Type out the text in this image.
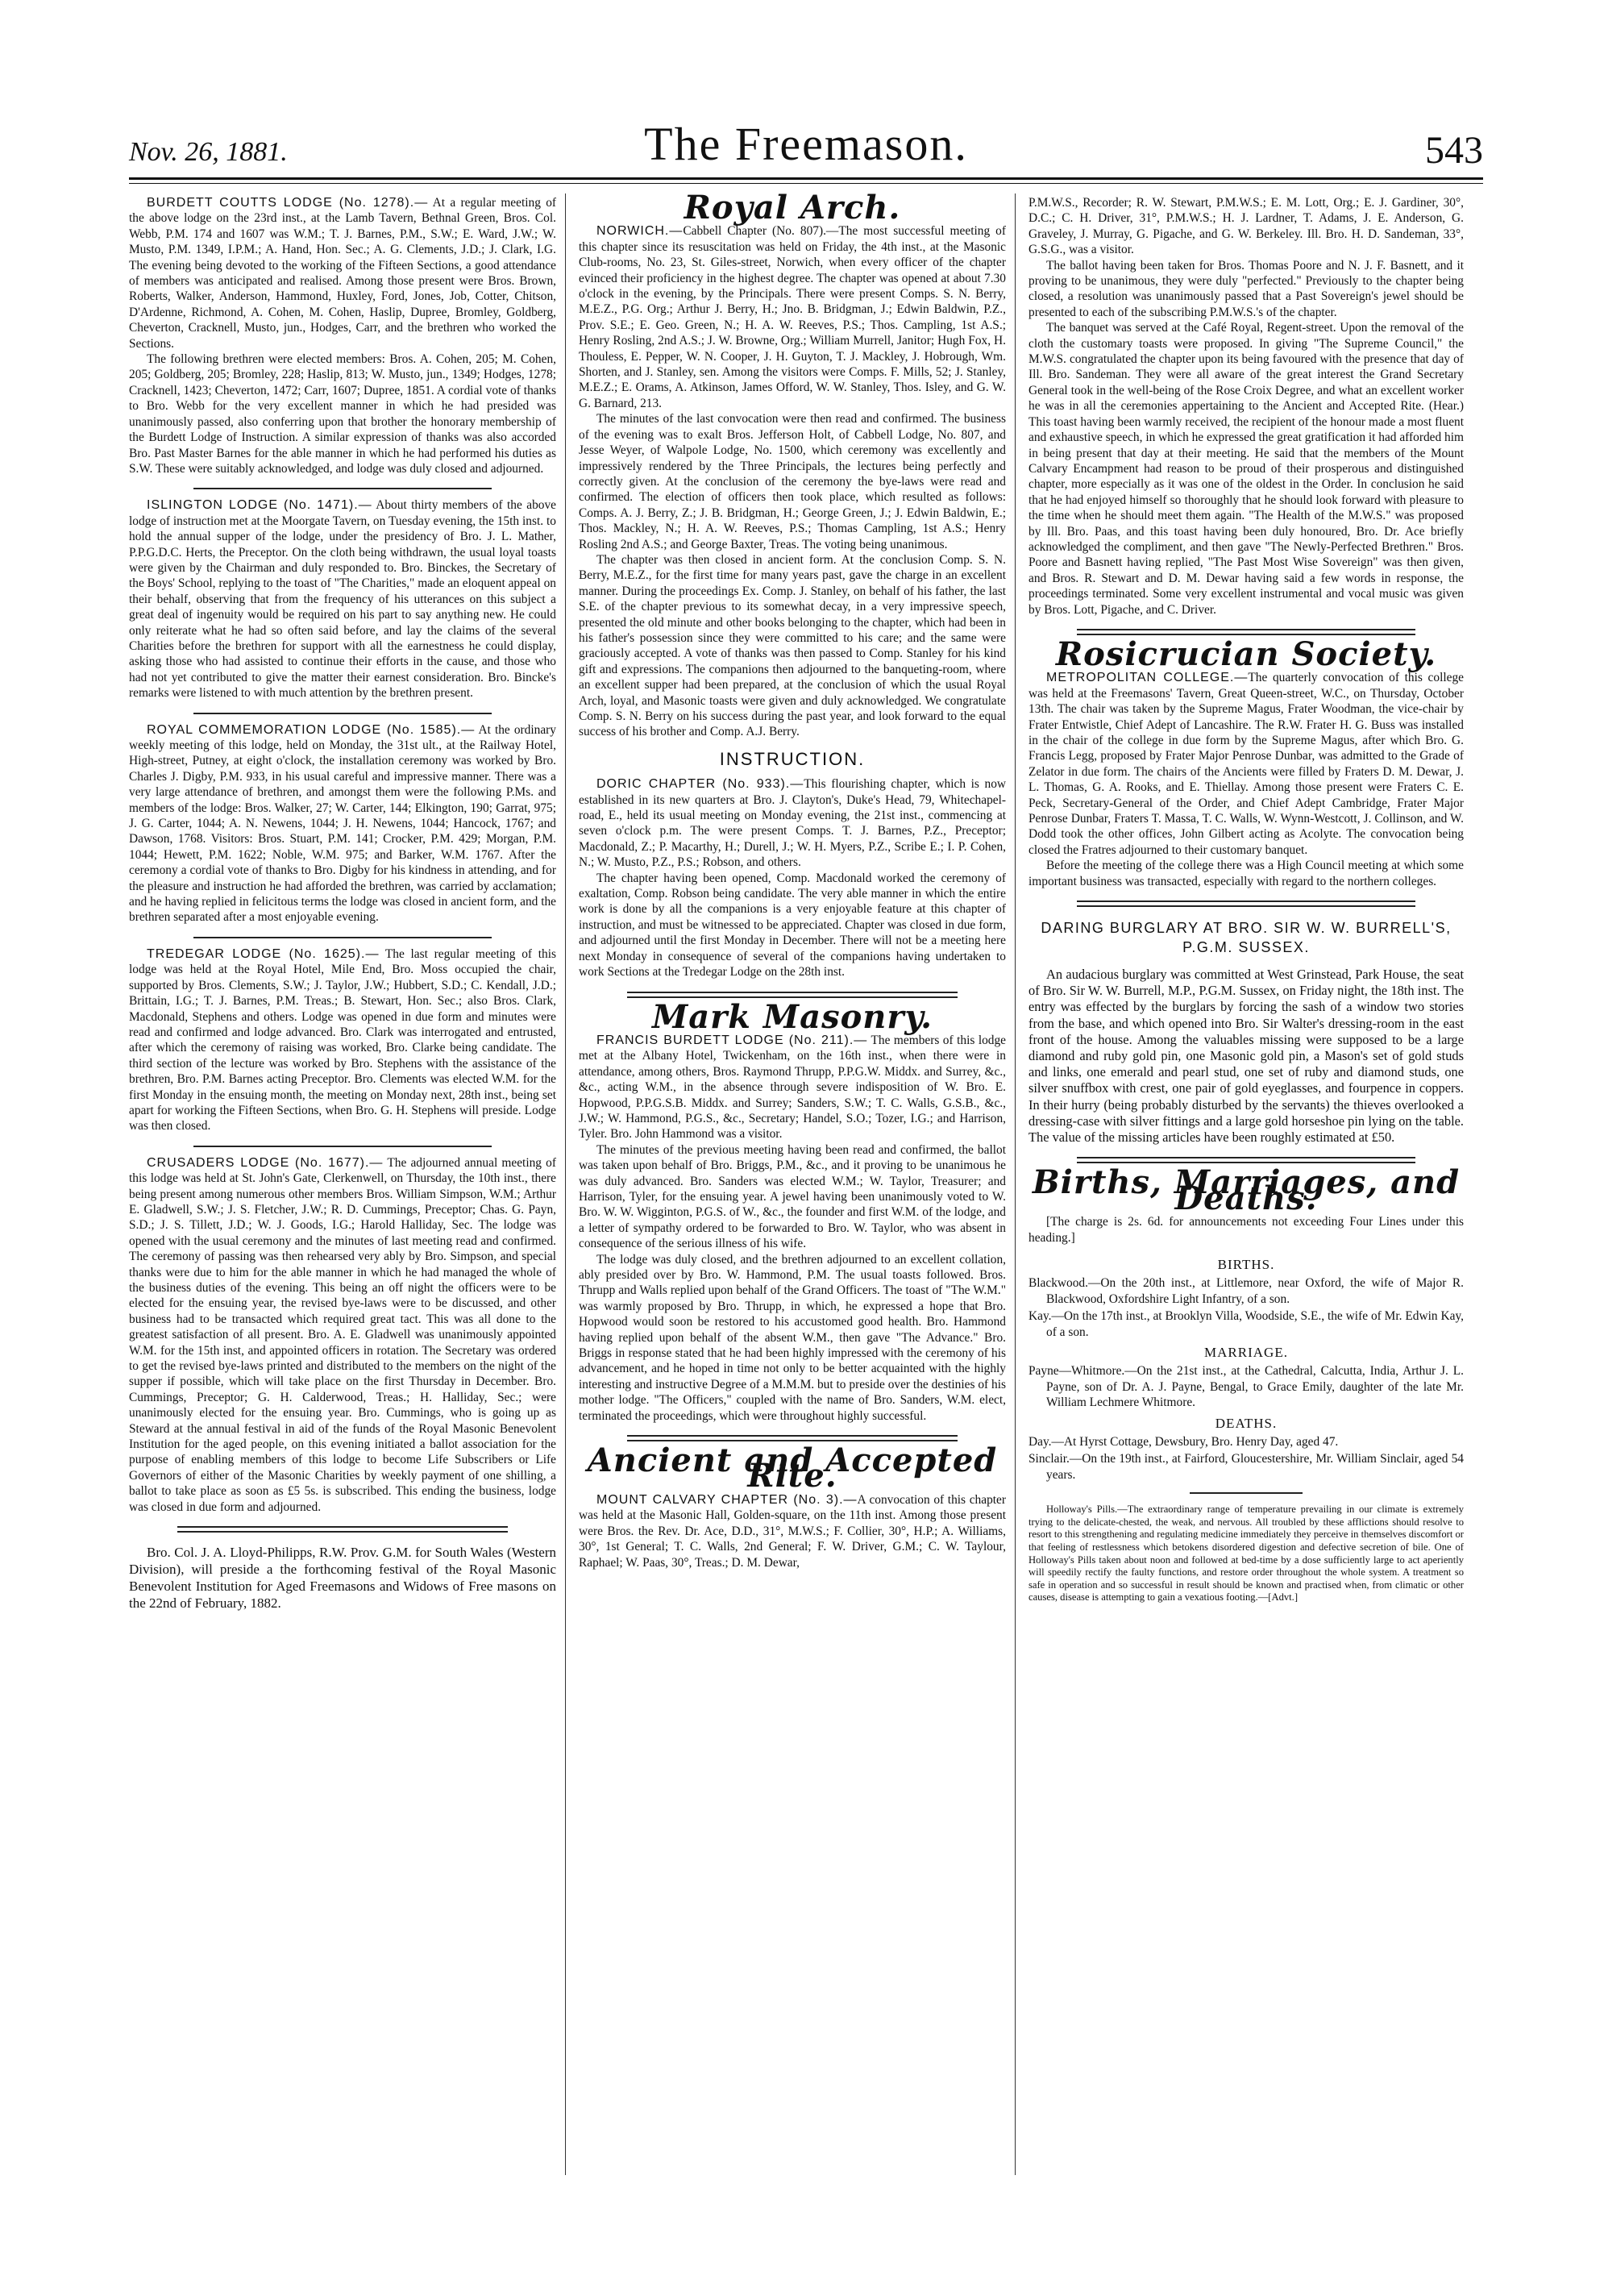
Nov. 26, 1881.	The Freemason.	543

BURDETT COUTTS LODGE (No. 1278).— At a regular meeting of the above lodge on the 23rd inst., at the Lamb Tavern, Bethnal Green, Bros. Col. Webb, P.M. 174 and 1607 was W.M.; T. J. Barnes, P.M., S.W.; E. Ward, J.W.; W. Musto, P.M. 1349, I.P.M.; A. Hand, Hon. Sec.; A. G. Clements, J.D.; J. Clark, I.G. The evening being devoted to the working of the Fifteen Sections, a good attendance of members was anticipated and realised. Among those present were Bros. Brown, Roberts, Walker, Anderson, Hammond, Huxley, Ford, Jones, Job, Cotter, Chitson, D'Ardenne, Richmond, A. Cohen, M. Cohen, Haslip, Dupree, Bromley, Goldberg, Cheverton, Cracknell, Musto, jun., Hodges, Carr, and the brethren who worked the Sections.

The following brethren were elected members: Bros. A. Cohen, 205; M. Cohen, 205; Goldberg, 205; Bromley, 228; Haslip, 813; W. Musto, jun., 1349; Hodges, 1278; Cracknell, 1423; Cheverton, 1472; Carr, 1607; Dupree, 1851. A cordial vote of thanks to Bro. Webb for the very excellent manner in which he had presided was unanimously passed, also conferring upon that brother the honorary membership of the Burdett Lodge of Instruction. A similar expression of thanks was also accorded Bro. Past Master Barnes for the able manner in which he had performed his duties as S.W. These were suitably acknowledged, and lodge was duly closed and adjourned.

ISLINGTON LODGE (No. 1471).— About thirty members of the above lodge of instruction met at the Moorgate Tavern, on Tuesday evening, the 15th inst. to hold the annual supper of the lodge, under the presidency of Bro. J. L. Mather, P.P.G.D.C. Herts, the Preceptor. On the cloth being withdrawn, the usual loyal toasts were given by the Chairman and duly responded to. Bro. Binckes, the Secretary of the Boys' School, replying to the toast of "The Charities," made an eloquent appeal on their behalf, observing that from the frequency of his utterances on this subject a great deal of ingenuity would be required on his part to say anything new. He could only reiterate what he had so often said before, and lay the claims of the several Charities before the brethren for support with all the earnestness he could display, asking those who had assisted to continue their efforts in the cause, and those who had not yet contributed to give the matter their earnest consideration. Bro. Bincke's remarks were listened to with much attention by the brethren present.

ROYAL COMMEMORATION LODGE (No. 1585).— At the ordinary weekly meeting of this lodge, held on Monday, the 31st ult., at the Railway Hotel, High-street, Putney, at eight o'clock, the installation ceremony was worked by Bro. Charles J. Digby, P.M. 933, in his usual careful and impressive manner. There was a very large attendance of brethren, and amongst them were the following P.Ms. and members of the lodge: Bros. Walker, 27; W. Carter, 144; Elkington, 190; Garrat, 975; J. G. Carter, 1044; A. N. Newens, 1044; J. H. Newens, 1044; Hancock, 1767; and Dawson, 1768. Visitors: Bros. Stuart, P.M. 141; Crocker, P.M. 429; Morgan, P.M. 1044; Hewett, P.M. 1622; Noble, W.M. 975; and Barker, W.M. 1767. After the ceremony a cordial vote of thanks to Bro. Digby for his kindness in attending, and for the pleasure and instruction he had afforded the brethren, was carried by acclamation; and he having replied in felicitous terms the lodge was closed in ancient form, and the brethren separated after a most enjoyable evening.

TREDEGAR LODGE (No. 1625).— The last regular meeting of this lodge was held at the Royal Hotel, Mile End, Bro. Moss occupied the chair, supported by Bros. Clements, S.W.; J. Taylor, J.W.; Hubbert, S.D.; C. Kendall, J.D.; Brittain, I.G.; T. J. Barnes, P.M. Treas.; B. Stewart, Hon. Sec.; also Bros. Clark, Macdonald, Stephens and others. Lodge was opened in due form and minutes were read and confirmed and lodge advanced. Bro. Clark was interrogated and entrusted, after which the ceremony of raising was worked, Bro. Clarke being candidate. The third section of the lecture was worked by Bro. Stephens with the assistance of the brethren, Bro. P.M. Barnes acting Preceptor. Bro. Clements was elected W.M. for the first Monday in the ensuing month, the meeting on Monday next, 28th inst., being set apart for working the Fifteen Sections, when Bro. G. H. Stephens will preside. Lodge was then closed.

CRUSADERS LODGE (No. 1677).— The adjourned annual meeting of this lodge was held at St. John's Gate, Clerkenwell, on Thursday, the 10th inst., there being present among numerous other members Bros. William Simpson, W.M.; Arthur E. Gladwell, S.W.; J. S. Fletcher, J.W.; R. D. Cummings, Preceptor; Chas. G. Payn, S.D.; J. S. Tillett, J.D.; W. J. Goods, I.G.; Harold Halliday, Sec. The lodge was opened with the usual ceremony and the minutes of last meeting read and confirmed. The ceremony of passing was then rehearsed very ably by Bro. Simpson, and special thanks were due to him for the able manner in which he had managed the whole of the business duties of the evening. This being an off night the officers were to be elected for the ensuing year, the revised bye-laws were to be discussed, and other business had to be transacted which required great tact. This was all done to the greatest satisfaction of all present. Bro. A. E. Gladwell was unanimously appointed W.M. for the 15th inst, and appointed officers in rotation. The Secretary was ordered to get the revised bye-laws printed and distributed to the members on the night of the supper if possible, which will take place on the first Thursday in December. Bro. Cummings, Preceptor; G. H. Calderwood, Treas.; H. Halliday, Sec.; were unanimously elected for the ensuing year. Bro. Cummings, who is going up as Steward at the annual festival in aid of the funds of the Royal Masonic Benevolent Institution for the aged people, on this evening initiated a ballot association for the purpose of enabling members of this lodge to become Life Subscribers or Life Governors of either of the Masonic Charities by weekly payment of one shilling, a ballot to take place as soon as £5 5s. is subscribed. This ending the business, lodge was closed in due form and adjourned.

Bro. Col. J. A. Lloyd-Philipps, R.W. Prov. G.M. for South Wales (Western Division), will preside a the forthcoming festival of the Royal Masonic Benevolent Institution for Aged Freemasons and Widows of Free masons on the 22nd of February, 1882.

Royal Arch.

NORWICH.—Cabbell Chapter (No. 807).—The most successful meeting of this chapter since its resuscitation was held on Friday, the 4th inst., at the Masonic Club-rooms, No. 23, St. Giles-street, Norwich, when every officer of the chapter evinced their proficiency in the highest degree. The chapter was opened at about 7.30 o'clock in the evening, by the Principals. There were present Comps. S. N. Berry, M.E.Z., P.G. Org.; Arthur J. Berry, H.; Jno. B. Bridgman, J.; Edwin Baldwin, P.Z., Prov. S.E.; E. Geo. Green, N.; H. A. W. Reeves, P.S.; Thos. Campling, 1st A.S.; Henry Rosling, 2nd A.S.; J. W. Browne, Org.; William Murrell, Janitor; Hugh Fox, H. Thouless, E. Pepper, W. N. Cooper, J. H. Guyton, T. J. Mackley, J. Hobrough, Wm. Shorten, and J. Stanley, sen. Among the visitors were Comps. F. Mills, 52; J. Stanley, M.E.Z.; E. Orams, A. Atkinson, James Offord, W. W. Stanley, Thos. Isley, and G. W. G. Barnard, 213.

The minutes of the last convocation were then read and confirmed. The business of the evening was to exalt Bros. Jefferson Holt, of Cabbell Lodge, No. 807, and Jesse Weyer, of Walpole Lodge, No. 1500, which ceremony was excellently and impressively rendered by the Three Principals, the lectures being perfectly and correctly given. At the conclusion of the ceremony the bye-laws were read and confirmed. The election of officers then took place, which resulted as follows: Comps. A. J. Berry, Z.; J. B. Bridgman, H.; George Green, J.; J. Edwin Baldwin, E.; Thos. Mackley, N.; H. A. W. Reeves, P.S.; Thomas Campling, 1st A.S.; Henry Rosling 2nd A.S.; and George Baxter, Treas. The voting being unanimous.

The chapter was then closed in ancient form. At the conclusion Comp. S. N. Berry, M.E.Z., for the first time for many years past, gave the charge in an excellent manner. During the proceedings Ex. Comp. J. Stanley, on behalf of his father, the last S.E. of the chapter previous to its somewhat decay, in a very impressive speech, presented the old minute and other books belonging to the chapter, which had been in his father's possession since they were committed to his care; and the same were graciously accepted. A vote of thanks was then passed to Comp. Stanley for his kind gift and expressions. The companions then adjourned to the banqueting-room, where an excellent supper had been prepared, at the conclusion of which the usual Royal Arch, loyal, and Masonic toasts were given and duly acknowledged. We congratulate Comp. S. N. Berry on his success during the past year, and look forward to the equal success of his brother and Comp. A.J. Berry.

INSTRUCTION.

DORIC CHAPTER (No. 933).—This flourishing chapter, which is now established in its new quarters at Bro. J. Clayton's, Duke's Head, 79, Whitechapel-road, E., held its usual meeting on Monday evening, the 21st inst., commencing at seven o'clock p.m. The were present Comps. T. J. Barnes, P.Z., Preceptor; Macdonald, Z.; P. Macarthy, H.; Durell, J.; W. H. Myers, P.Z., Scribe E.; I. P. Cohen, N.; W. Musto, P.Z., P.S.; Robson, and others.

The chapter having been opened, Comp. Macdonald worked the ceremony of exaltation, Comp. Robson being candidate. The very able manner in which the entire work is done by all the companions is a very enjoyable feature at this chapter of instruction, and must be witnessed to be appreciated. Chapter was closed in due form, and adjourned until the first Monday in December. There will not be a meeting here next Monday in consequence of several of the companions having undertaken to work Sections at the Tredegar Lodge on the 28th inst.

Mark Masonry.

FRANCIS BURDETT LODGE (No. 211).— The members of this lodge met at the Albany Hotel, Twickenham, on the 16th inst., when there were in attendance, among others, Bros. Raymond Thrupp, P.P.G.W. Middx. and Surrey, &c., &c., acting W.M., in the absence through severe indisposition of W. Bro. E. Hopwood, P.P.G.S.B. Middx. and Surrey; Sanders, S.W.; T. C. Walls, G.S.B., &c., J.W.; W. Hammond, P.G.S., &c., Secretary; Handel, S.O.; Tozer, I.G.; and Harrison, Tyler. Bro. John Hammond was a visitor.

The minutes of the previous meeting having been read and confirmed, the ballot was taken upon behalf of Bro. Briggs, P.M., &c., and it proving to be unanimous he was duly advanced. Bro. Sanders was elected W.M.; W. Taylor, Treasurer; and Harrison, Tyler, for the ensuing year. A jewel having been unanimously voted to W. Bro. W. W. Wigginton, P.G.S. of W., &c., the founder and first W.M. of the lodge, and a letter of sympathy ordered to be forwarded to Bro. W. Taylor, who was absent in consequence of the serious illness of his wife.

The lodge was duly closed, and the brethren adjourned to an excellent collation, ably presided over by Bro. W. Hammond, P.M. The usual toasts followed. Bros. Thrupp and Walls replied upon behalf of the Grand Officers. The toast of "The W.M." was warmly proposed by Bro. Thrupp, in which, he expressed a hope that Bro. Hopwood would soon be restored to his accustomed good health. Bro. Hammond having replied upon behalf of the absent W.M., then gave "The Advance." Bro. Briggs in response stated that he had been highly impressed with the ceremony of his advancement, and he hoped in time not only to be better acquainted with the highly interesting and instructive Degree of a M.M.M. but to preside over the destinies of his mother lodge. "The Officers," coupled with the name of Bro. Sanders, W.M. elect, terminated the proceedings, which were throughout highly successful.

Ancient and Accepted Rite.

MOUNT CALVARY CHAPTER (No. 3).—A convocation of this chapter was held at the Masonic Hall, Golden-square, on the 11th inst. Among those present were Bros. the Rev. Dr. Ace, D.D., 31°, M.W.S.; F. Collier, 30°, H.P.; A. Williams, 30°, 1st General; T. C. Walls, 2nd General; F. W. Driver, G.M.; C. W. Taylour, Raphael; W. Paas, 30°, Treas.; D. M. Dewar,

P.M.W.S., Recorder; R. W. Stewart, P.M.W.S.; E. M. Lott, Org.; E. J. Gardiner, 30°, D.C.; C. H. Driver, 31°, P.M.W.S.; H. J. Lardner, T. Adams, J. E. Anderson, G. Graveley, J. Murray, G. Pigache, and G. W. Berkeley. Ill. Bro. H. D. Sandeman, 33°, G.S.G., was a visitor.

The ballot having been taken for Bros. Thomas Poore and N. J. F. Basnett, and it proving to be unanimous, they were duly "perfected." Previously to the chapter being closed, a resolution was unanimously passed that a Past Sovereign's jewel should be presented to each of the subscribing P.M.W.S.'s of the chapter.

The banquet was served at the Café Royal, Regent-street. Upon the removal of the cloth the customary toasts were proposed. In giving "The Supreme Council," the M.W.S. congratulated the chapter upon its being favoured with the presence that day of Ill. Bro. Sandeman. They were all aware of the great interest the Grand Secretary General took in the well-being of the Rose Croix Degree, and what an excellent worker he was in all the ceremonies appertaining to the Ancient and Accepted Rite. (Hear.) This toast having been warmly received, the recipient of the honour made a most fluent and exhaustive speech, in which he expressed the great gratification it had afforded him in being present that day at their meeting. He said that the members of the Mount Calvary Encampment had reason to be proud of their prosperous and distinguished chapter, more especially as it was one of the oldest in the Order. In conclusion he said that he had enjoyed himself so thoroughly that he should look forward with pleasure to the time when he should meet them again. "The Health of the M.W.S." was proposed by Ill. Bro. Paas, and this toast having been duly honoured, Bro. Dr. Ace briefly acknowledged the compliment, and then gave "The Newly-Perfected Brethren." Bros. Poore and Basnett having replied, "The Past Most Wise Sovereign" was then given, and Bros. R. Stewart and D. M. Dewar having said a few words in response, the proceedings terminated. Some very excellent instrumental and vocal music was given by Bros. Lott, Pigache, and C. Driver.

Rosicrucian Society.

METROPOLITAN COLLEGE.—The quarterly convocation of this college was held at the Freemasons' Tavern, Great Queen-street, W.C., on Thursday, October 13th. The chair was taken by the Supreme Magus, Frater Woodman, the vice-chair by Frater Entwistle, Chief Adept of Lancashire. The R.W. Frater H. G. Buss was installed in the chair of the college in due form by the Supreme Magus, after which Bro. G. Francis Legg, proposed by Frater Major Penrose Dunbar, was admitted to the Grade of Zelator in due form. The chairs of the Ancients were filled by Fraters D. M. Dewar, J. L. Thomas, G. A. Rooks, and E. Thiellay. Among those present were Fraters C. E. Peck, Secretary-General of the Order, and Chief Adept Cambridge, Frater Major Penrose Dunbar, Fraters T. Massa, T. C. Walls, W. Wynn-Westcott, J. Collinson, and W. Dodd took the other offices, John Gilbert acting as Acolyte. The convocation being closed the Fratres adjourned to their customary banquet.

Before the meeting of the college there was a High Council meeting at which some important business was transacted, especially with regard to the northern colleges.

DARING BURGLARY AT BRO. SIR W. W. BURRELL'S, P.G.M. SUSSEX.

An audacious burglary was committed at West Grinstead, Park House, the seat of Bro. Sir W. W. Burrell, M.P., P.G.M. Sussex, on Friday night, the 18th inst. The entry was effected by the burglars by forcing the sash of a window two stories from the base, and which opened into Bro. Sir Walter's dressing-room in the east front of the house. Among the valuables missing were supposed to be a large diamond and ruby gold pin, one Masonic gold pin, a Mason's set of gold studs and links, one emerald and pearl stud, one set of ruby and diamond studs, one silver snuffbox with crest, one pair of gold eyeglasses, and fourpence in coppers. In their hurry (being probably disturbed by the servants) the thieves overlooked a dressing-case with silver fittings and a large gold horseshoe pin lying on the table. The value of the missing articles have been roughly estimated at £50.

Births, Marriages, and Deaths.

[The charge is 2s. 6d. for announcements not exceeding Four Lines under this heading.]

BIRTHS.
Blackwood.—On the 20th inst., at Littlemore, near Oxford, the wife of Major R. Blackwood, Oxfordshire Light Infantry, of a son.
Kay.—On the 17th inst., at Brooklyn Villa, Woodside, S.E., the wife of Mr. Edwin Kay, of a son.
MARRIAGE.
Payne—Whitmore.—On the 21st inst., at the Cathedral, Calcutta, India, Arthur J. L. Payne, son of Dr. A. J. Payne, Bengal, to Grace Emily, daughter of the late Mr. William Lechmere Whitmore.
DEATHS.
Day.—At Hyrst Cottage, Dewsbury, Bro. Henry Day, aged 47.
Sinclair.—On the 19th inst., at Fairford, Gloucestershire, Mr. William Sinclair, aged 54 years.

Holloway's Pills.—The extraordinary range of temperature prevailing in our climate is extremely trying to the delicate-chested, the weak, and nervous. All troubled by these afflictions should resolve to resort to this strengthening and regulating medicine immediately they perceive in themselves discomfort or that feeling of restlessness which betokens disordered digestion and defective secretion of bile. One of Holloway's Pills taken about noon and followed at bed-time by a dose sufficiently large to act aperiently will speedily rectify the faulty functions, and restore order throughout the whole system. A treatment so safe in operation and so successful in result should be known and practised when, from climatic or other causes, disease is attempting to gain a vexatious footing.—[Advt.]
